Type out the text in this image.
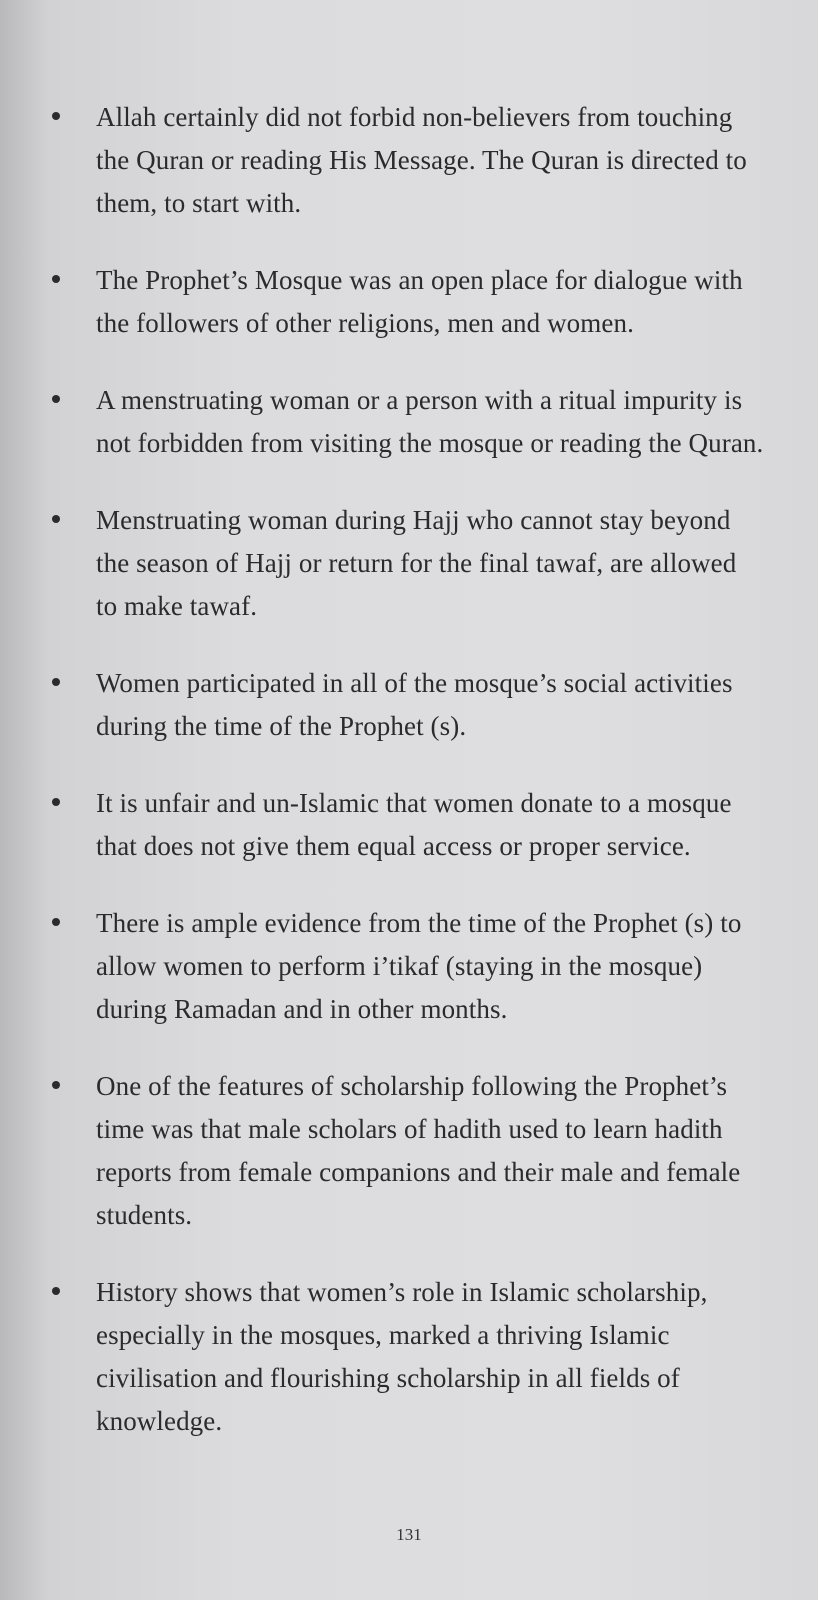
Allah certainly did not forbid non-believers from touching the Quran or reading His Message. The Quran is directed to them, to start with.
The Prophet’s Mosque was an open place for dialogue with the followers of other religions, men and women.
A menstruating woman or a person with a ritual impurity is not forbidden from visiting the mosque or reading the Quran.
Menstruating woman during Hajj who cannot stay beyond the season of Hajj or return for the final tawaf, are allowed to make tawaf.
Women participated in all of the mosque’s social activities during the time of the Prophet (s).
It is unfair and un-Islamic that women donate to a mosque that does not give them equal access or proper service.
There is ample evidence from the time of the Prophet (s) to allow women to perform i’tikaf (staying in the mosque) during Ramadan and in other months.
One of the features of scholarship following the Prophet’s time was that male scholars of hadith used to learn hadith reports from female companions and their male and female students.
History shows that women’s role in Islamic scholarship, especially in the mosques, marked a thriving Islamic civilisation and flourishing scholarship in all fields of knowledge.
131
